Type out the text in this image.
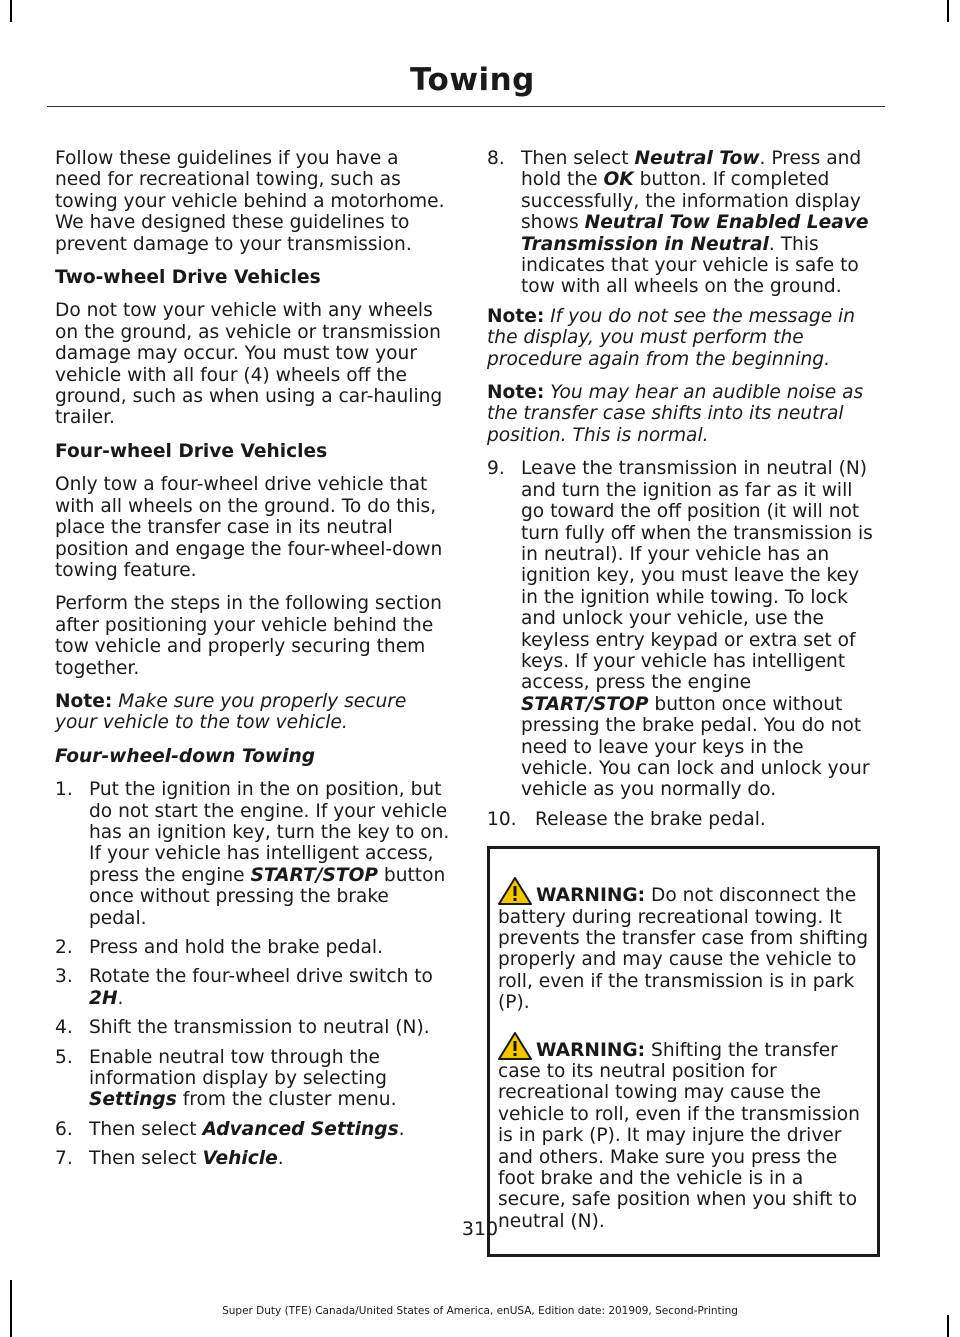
Towing

Follow these guidelines if you have a need for recreational towing, such as towing your vehicle behind a motorhome. We have designed these guidelines to prevent damage to your transmission.

Two-wheel Drive Vehicles

Do not tow your vehicle with any wheels on the ground, as vehicle or transmission damage may occur. You must tow your vehicle with all four (4) wheels off the ground, such as when using a car-hauling trailer.

Four-wheel Drive Vehicles

Only tow a four-wheel drive vehicle that with all wheels on the ground. To do this, place the transfer case in its neutral position and engage the four-wheel-down towing feature.

Perform the steps in the following section after positioning your vehicle behind the tow vehicle and properly securing them together.

Note: Make sure you properly secure your vehicle to the tow vehicle.

Four-wheel-down Towing

1. Put the ignition in the on position, but do not start the engine. If your vehicle has an ignition key, turn the key to on. If your vehicle has intelligent access, press the engine START/STOP button once without pressing the brake pedal.
2. Press and hold the brake pedal.
3. Rotate the four-wheel drive switch to 2H.
4. Shift the transmission to neutral (N).
5. Enable neutral tow through the information display by selecting Settings from the cluster menu.
6. Then select Advanced Settings.
7. Then select Vehicle.
8. Then select Neutral Tow. Press and hold the OK button. If completed successfully, the information display shows Neutral Tow Enabled Leave Transmission in Neutral. This indicates that your vehicle is safe to tow with all wheels on the ground.

Note: If you do not see the message in the display, you must perform the procedure again from the beginning.

Note: You may hear an audible noise as the transfer case shifts into its neutral position. This is normal.

9. Leave the transmission in neutral (N) and turn the ignition as far as it will go toward the off position (it will not turn fully off when the transmission is in neutral). If your vehicle has an ignition key, you must leave the key in the ignition while towing. To lock and unlock your vehicle, use the keyless entry keypad or extra set of keys. If your vehicle has intelligent access, press the engine START/STOP button once without pressing the brake pedal. You do not need to leave your keys in the vehicle. You can lock and unlock your vehicle as you normally do.
10. Release the brake pedal.

WARNING: Do not disconnect the battery during recreational towing. It prevents the transfer case from shifting properly and may cause the vehicle to roll, even if the transmission is in park (P).

WARNING: Shifting the transfer case to its neutral position for recreational towing may cause the vehicle to roll, even if the transmission is in park (P). It may injure the driver and others. Make sure you press the foot brake and the vehicle is in a secure, safe position when you shift to neutral (N).

310
Super Duty (TFE) Canada/United States of America, enUSA, Edition date: 201909, Second-Printing
